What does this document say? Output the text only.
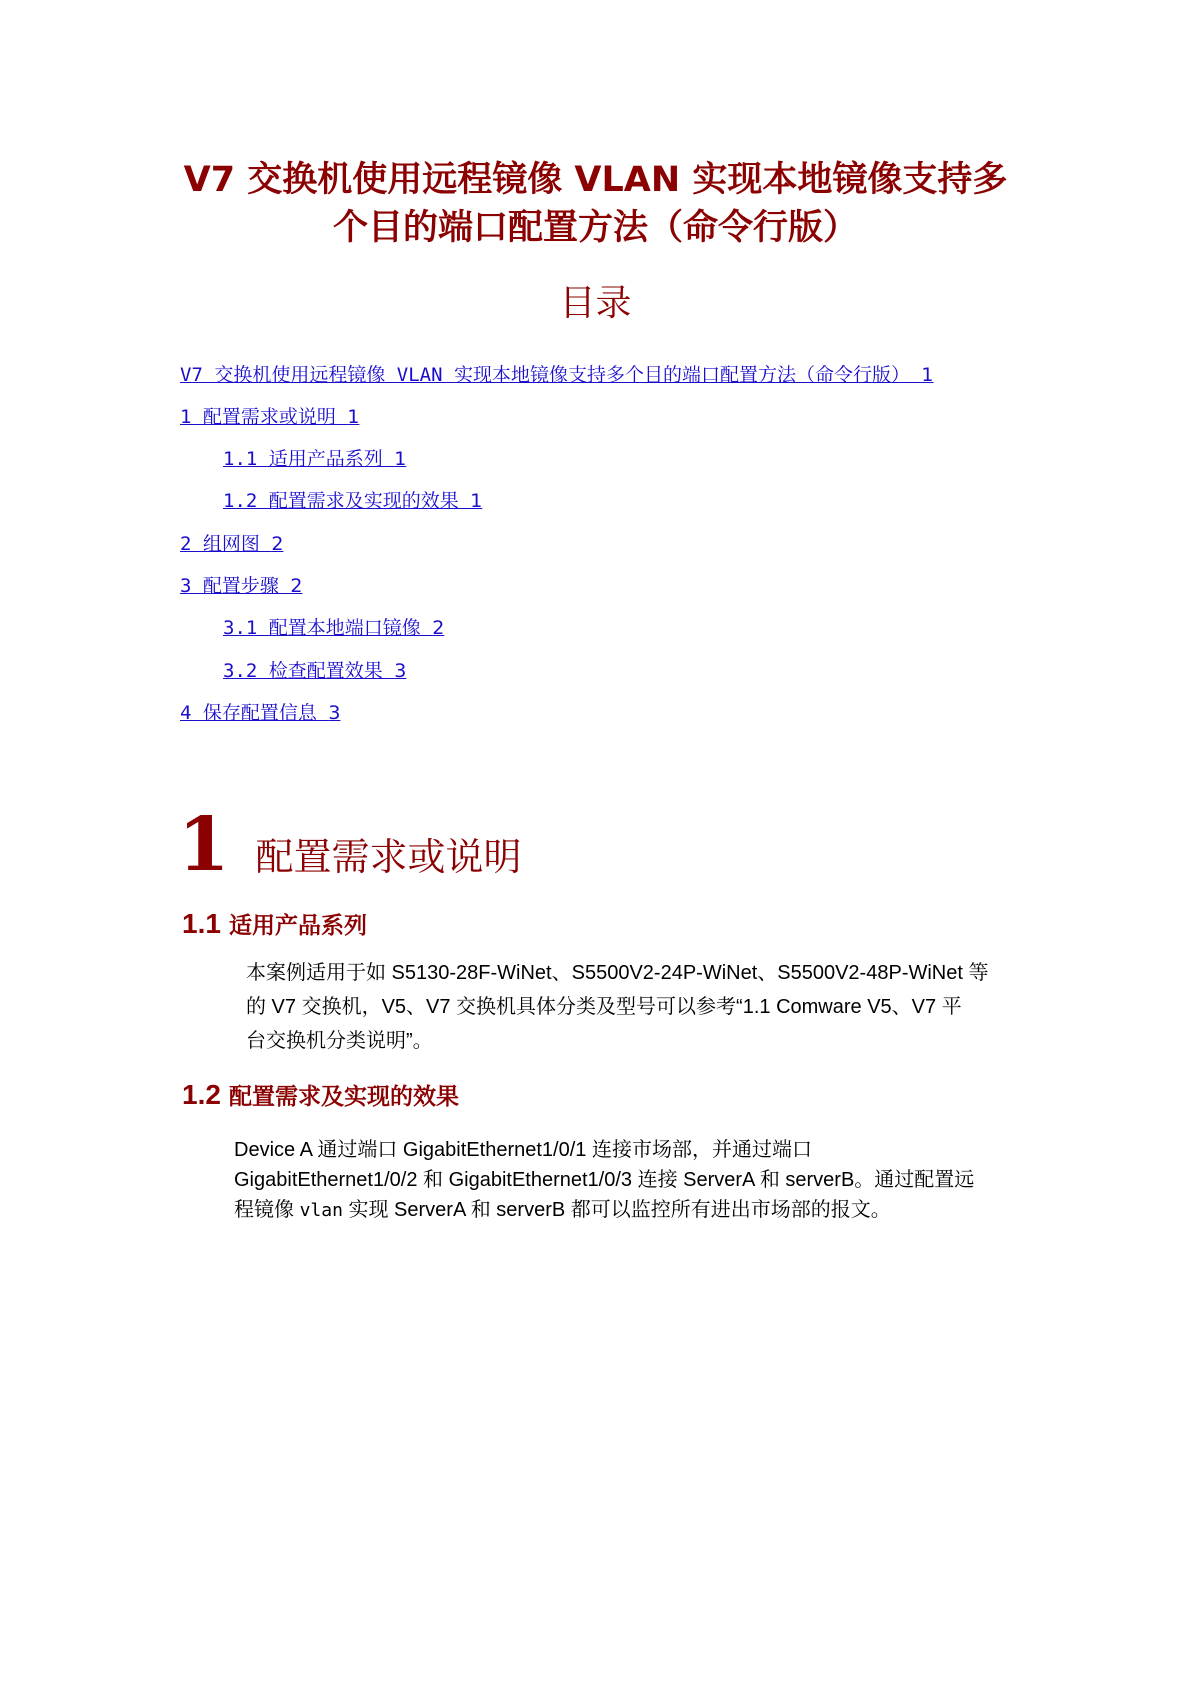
V7 交换机使用远程镜像 VLAN 实现本地镜像支持多
个目的端口配置方法（命令行版）
目录
V7 交换机使用远程镜像 VLAN 实现本地镜像支持多个目的端口配置方法（命令行版） 1
1 配置需求或说明 1
1.1 适用产品系列 1
1.2 配置需求及实现的效果 1
2 组网图 2
3 配置步骤 2
3.1 配置本地端口镜像 2
3.2 检查配置效果 3
4 保存配置信息 3
1 配置需求或说明
1.1 适用产品系列

本案例适用于如 S5130-28F-WiNet、S5500V2-24P-WiNet、S5500V2-48P-WiNet 等
的 V7 交换机，V5、V7 交换机具体分类及型号可以参考“1.1 Comware V5、V7 平
台交换机分类说明”。

1.2 配置需求及实现的效果

Device A 通过端口 GigabitEthernet1/0/1 连接市场部，并通过端口
GigabitEthernet1/0/2 和 GigabitEthernet1/0/3 连接 ServerA 和 serverB。通过配置远
程镜像 vlan 实现 ServerA 和 serverB 都可以监控所有进出市场部的报文。
